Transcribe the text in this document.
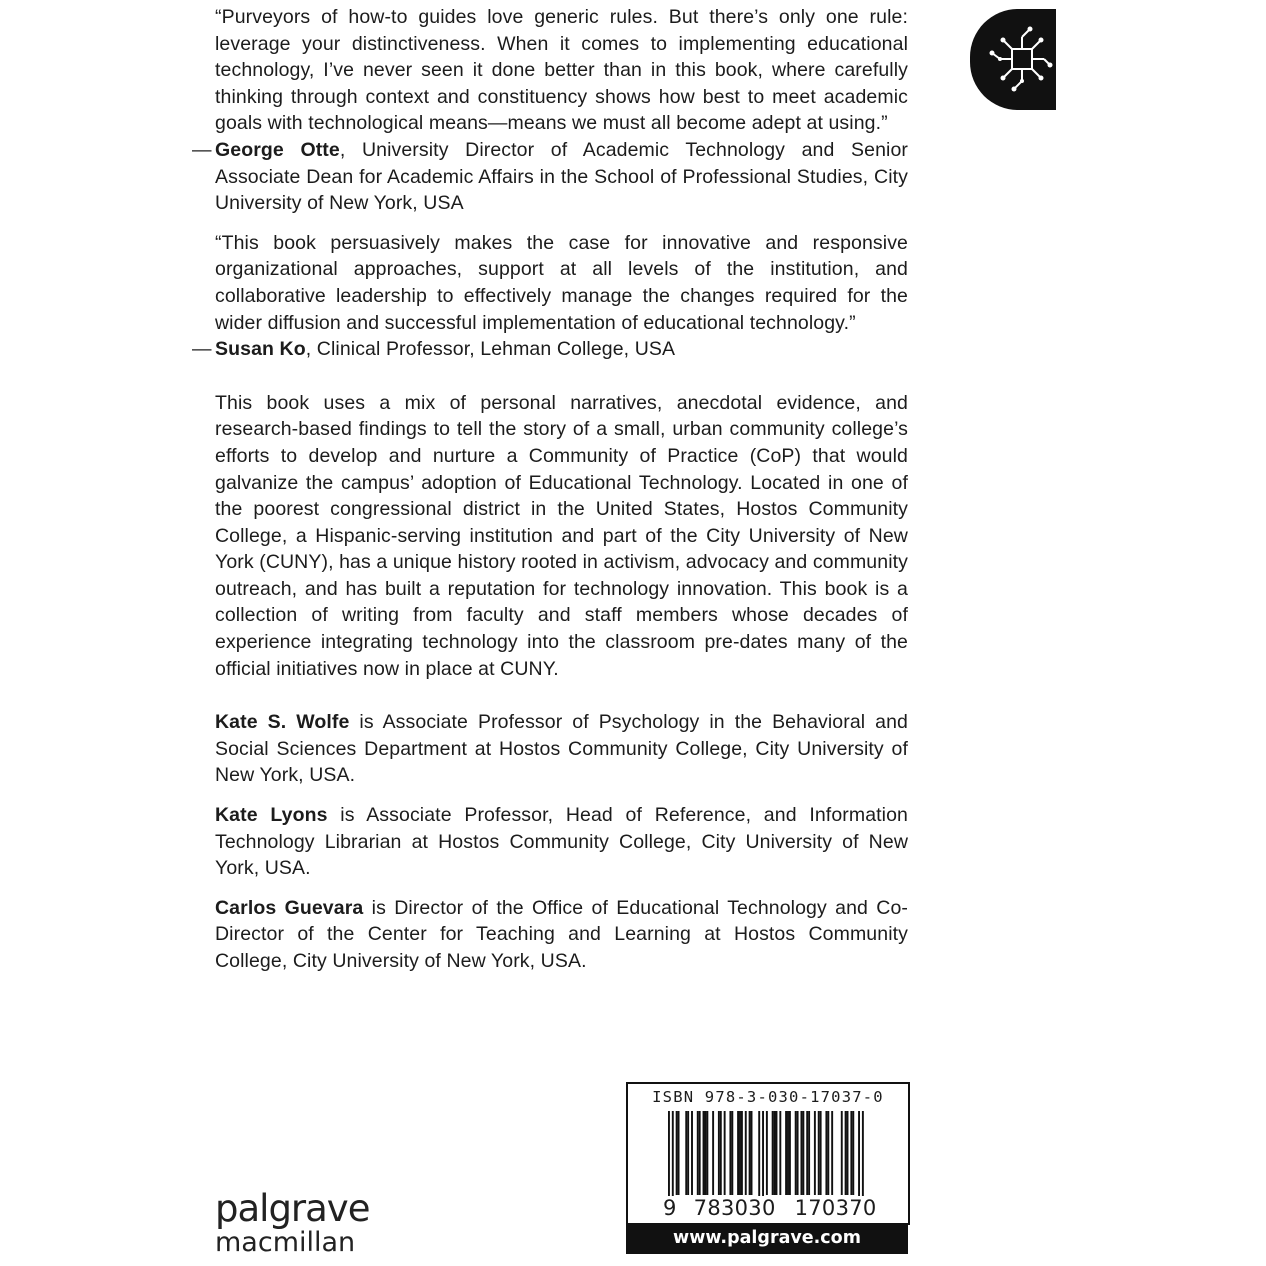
“Purveyors of how-to guides love generic rules. But there’s only one rule: leverage your distinctiveness. When it comes to implementing educational technology, I’ve never seen it done better than in this book, where carefully thinking through context and constituency shows how best to meet academic goals with technological means—means we must all become adept at using.”

— George Otte, University Director of Academic Technology and Senior Associate Dean for Academic Affairs in the School of Professional Studies, City University of New York, USA

“This book persuasively makes the case for innovative and responsive organizational approaches, support at all levels of the institution, and collaborative leadership to effectively manage the changes required for the wider diffusion and successful implementation of educational technology.”

— Susan Ko, Clinical Professor, Lehman College, USA

This book uses a mix of personal narratives, anecdotal evidence, and research-based findings to tell the story of a small, urban community college’s efforts to develop and nurture a Community of Practice (CoP) that would galvanize the campus’ adoption of Educational Technology. Located in one of the poorest congressional district in the United States, Hostos Community College, a Hispanic-serving institution and part of the City University of New York (CUNY), has a unique history rooted in activism, advocacy and community outreach, and has built a reputation for technology innovation. This book is a collection of writing from faculty and staff members whose decades of experience integrating technology into the classroom pre-dates many of the official initiatives now in place at CUNY.

Kate S. Wolfe is Associate Professor of Psychology in the Behavioral and Social Sciences Department at Hostos Community College, City University of New York, USA.

Kate Lyons is Associate Professor, Head of Reference, and Information Technology Librarian at Hostos Community College, City University of New York, USA.

Carlos Guevara is Director of the Office of Educational Technology and Co-Director of the Center for Teaching and Learning at Hostos Community College, City University of New York, USA.

palgrave
macmillan
ISBN 978-3-030-17037-0
9 783030 170370
www.palgrave.com
